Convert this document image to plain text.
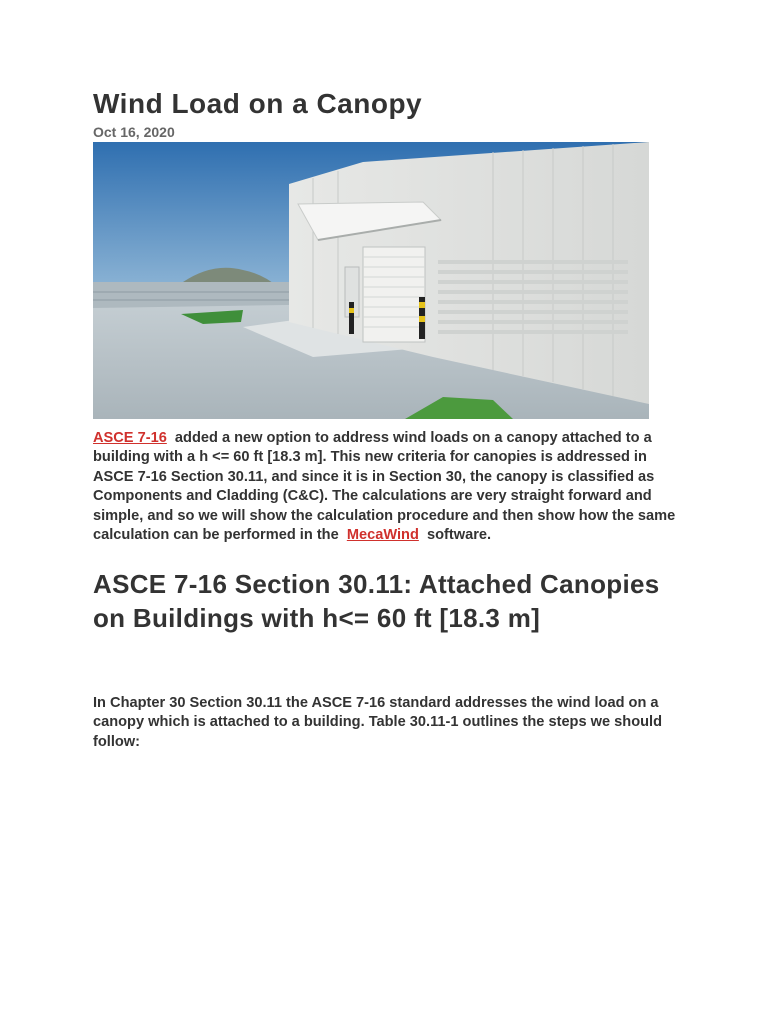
Wind Load on a Canopy
Oct 16, 2020

ASCE 7-16 added a new option to address wind loads on a canopy attached to a building with a h <= 60 ft [18.3 m]. This new criteria for canopies is addressed in ASCE 7-16 Section 30.11, and since it is in Section 30, the canopy is classified as Components and Cladding (C&C). The calculations are very straight forward and simple, and so we will show the calculation procedure and then show how the same calculation can be performed in the MecaWind software.

ASCE 7-16 Section 30.11: Attached Canopies on Buildings with h<= 60 ft [18.3 m]

In Chapter 30 Section 30.11 the ASCE 7-16 standard addresses the wind load on a canopy which is attached to a building. Table 30.11-1 outlines the steps we should follow:
